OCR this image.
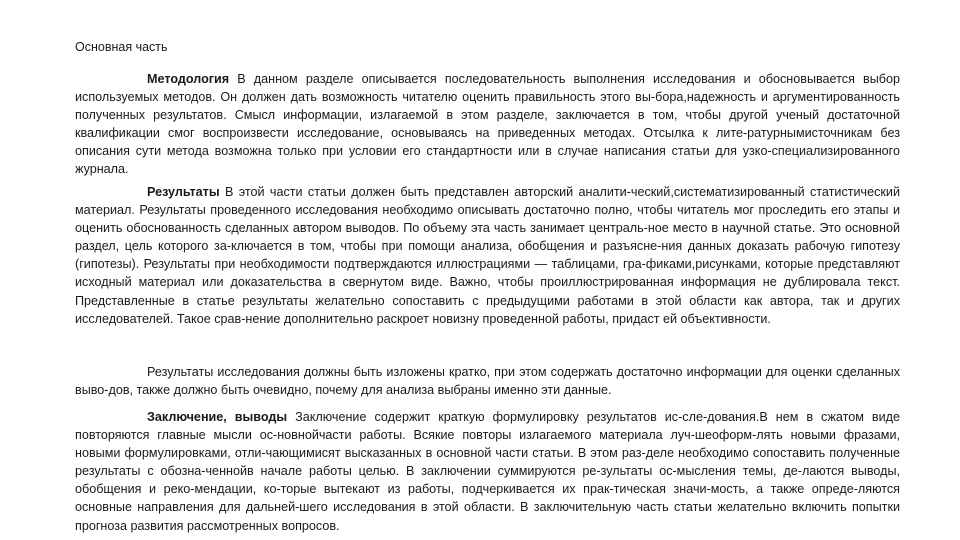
Основная часть

Методология В данном разделе описывается последовательность выполнения исследования и обосновывается выбор используемых методов. Он должен дать возможность читателю оценить правильность этого вы-бора,надежность и аргументированность полученных результатов. Смысл информации, излагаемой в этом разделе, заключается в том, чтобы другой ученый достаточной квалификации смог воспроизвести исследование, основываясь на приведенных методах. Отсылка к лите-ратурнымисточникам без описания сути метода возможна только при условии его стандартности или в случае написания статьи для узко-специализированного журнала.

Результаты В этой части статьи должен быть представлен авторский аналити-ческий,систематизированный статистический материал. Результаты проведенного исследования необходимо описывать достаточно полно, чтобы читатель мог проследить его этапы и оценить обоснованность сделанных автором выводов. По объему эта часть занимает централь-ное место в научной статье. Это основной раздел, цель которого за-ключается в том, чтобы при помощи анализа, обобщения и разъясне-ния данных доказать рабочую гипотезу (гипотезы). Результаты при необходимости подтверждаются иллюстрациями — таблицами, гра-фиками,рисунками, которые представляют исходный материал или доказательства в свернутом виде. Важно, чтобы проиллюстрированная информация не дублировала текст. Представленные в статье результаты желательно сопоставить с предыдущими работами в этой области как автора, так и других исследователей. Такое срав-нение дополнительно раскроет новизну проведенной работы, придаст ей объективности.

Результаты исследования должны быть изложены кратко, при этом содержать достаточно информации для оценки сделанных выво-дов, также должно быть очевидно, почему для анализа выбраны именно эти данные.

Заключение, выводы Заключение содержит краткую формулировку результатов ис-сле-дования.В нем в сжатом виде повторяются главные мысли ос-новнойчасти работы. Всякие повторы излагаемого материала луч-шеоформ-лять новыми фразами, новыми формулировками, отли-чающимисят высказанных в основной части статьи. В этом раз-деле необходимо сопоставить полученные результаты с обозна-ченнойв начале работы целью. В заключении суммируются ре-зультаты ос-мысления темы, де-лаются выводы, обобщения и реко-мендации, ко-торые вытекают из работы, подчеркивается их прак-тическая значи-мость, а также опреде-ляются основные направления для дальней-шего исследования в этой области. В заключительную часть статьи желательно включить попытки прогноза развития рассмотренных вопросов.
